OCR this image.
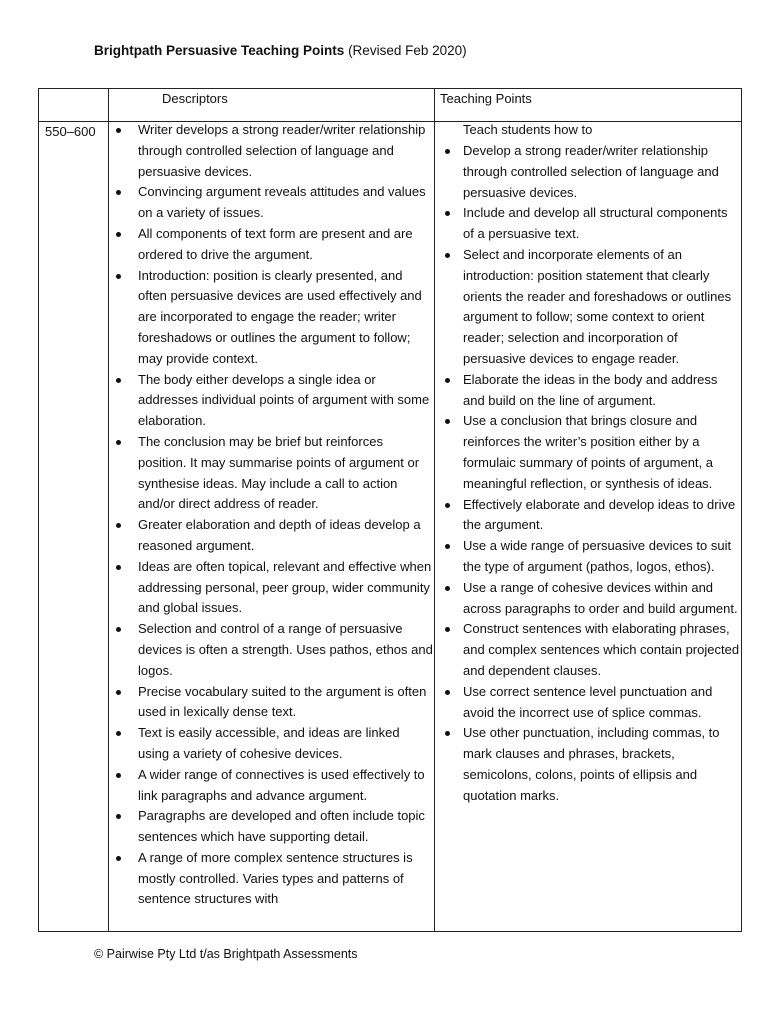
Brightpath Persuasive Teaching Points (Revised Feb 2020)
Descriptors	Teaching Points
550–600	Writer develops a strong reader/writer relationship through controlled selection of language and persuasive devices.
Convincing argument reveals attitudes and values on a variety of issues.
All components of text form are present and are ordered to drive the argument.
Introduction: position is clearly presented, and often persuasive devices are used effectively and are incorporated to engage the reader; writer foreshadows or outlines the argument to follow; may provide context.
The body either develops a single idea or addresses individual points of argument with some elaboration.
The conclusion may be brief but reinforces position. It may summarise points of argument or synthesise ideas. May include a call to action and/or direct address of reader.
Greater elaboration and depth of ideas develop a reasoned argument.
Ideas are often topical, relevant and effective when addressing personal, peer group, wider community and global issues.
Selection and control of a range of persuasive devices is often a strength. Uses pathos, ethos and logos.
Precise vocabulary suited to the argument is often used in lexically dense text.
Text is easily accessible, and ideas are linked using a variety of cohesive devices.
A wider range of connectives is used effectively to link paragraphs and advance argument.
Paragraphs are developed and often include topic sentences which have supporting detail.
A range of more complex sentence structures is mostly controlled. Varies types and patterns of sentence structures with
Teach students how to
Develop a strong reader/writer relationship through controlled selection of language and persuasive devices.
Include and develop all structural components of a persuasive text.
Select and incorporate elements of an introduction: position statement that clearly orients the reader and foreshadows or outlines argument to follow; some context to orient reader; selection and incorporation of persuasive devices to engage reader.
Elaborate the ideas in the body and address and build on the line of argument.
Use a conclusion that brings closure and reinforces the writer’s position either by a formulaic summary of points of argument, a meaningful reflection, or synthesis of ideas.
Effectively elaborate and develop ideas to drive the argument.
Use a wide range of persuasive devices to suit the type of argument (pathos, logos, ethos).
Use a range of cohesive devices within and across paragraphs to order and build argument.
Construct sentences with elaborating phrases, and complex sentences which contain projected and dependent clauses.
Use correct sentence level punctuation and avoid the incorrect use of splice commas.
Use other punctuation, including commas, to mark clauses and phrases, brackets, semicolons, colons, points of ellipsis and quotation marks.
© Pairwise Pty Ltd t/as Brightpath Assessments
